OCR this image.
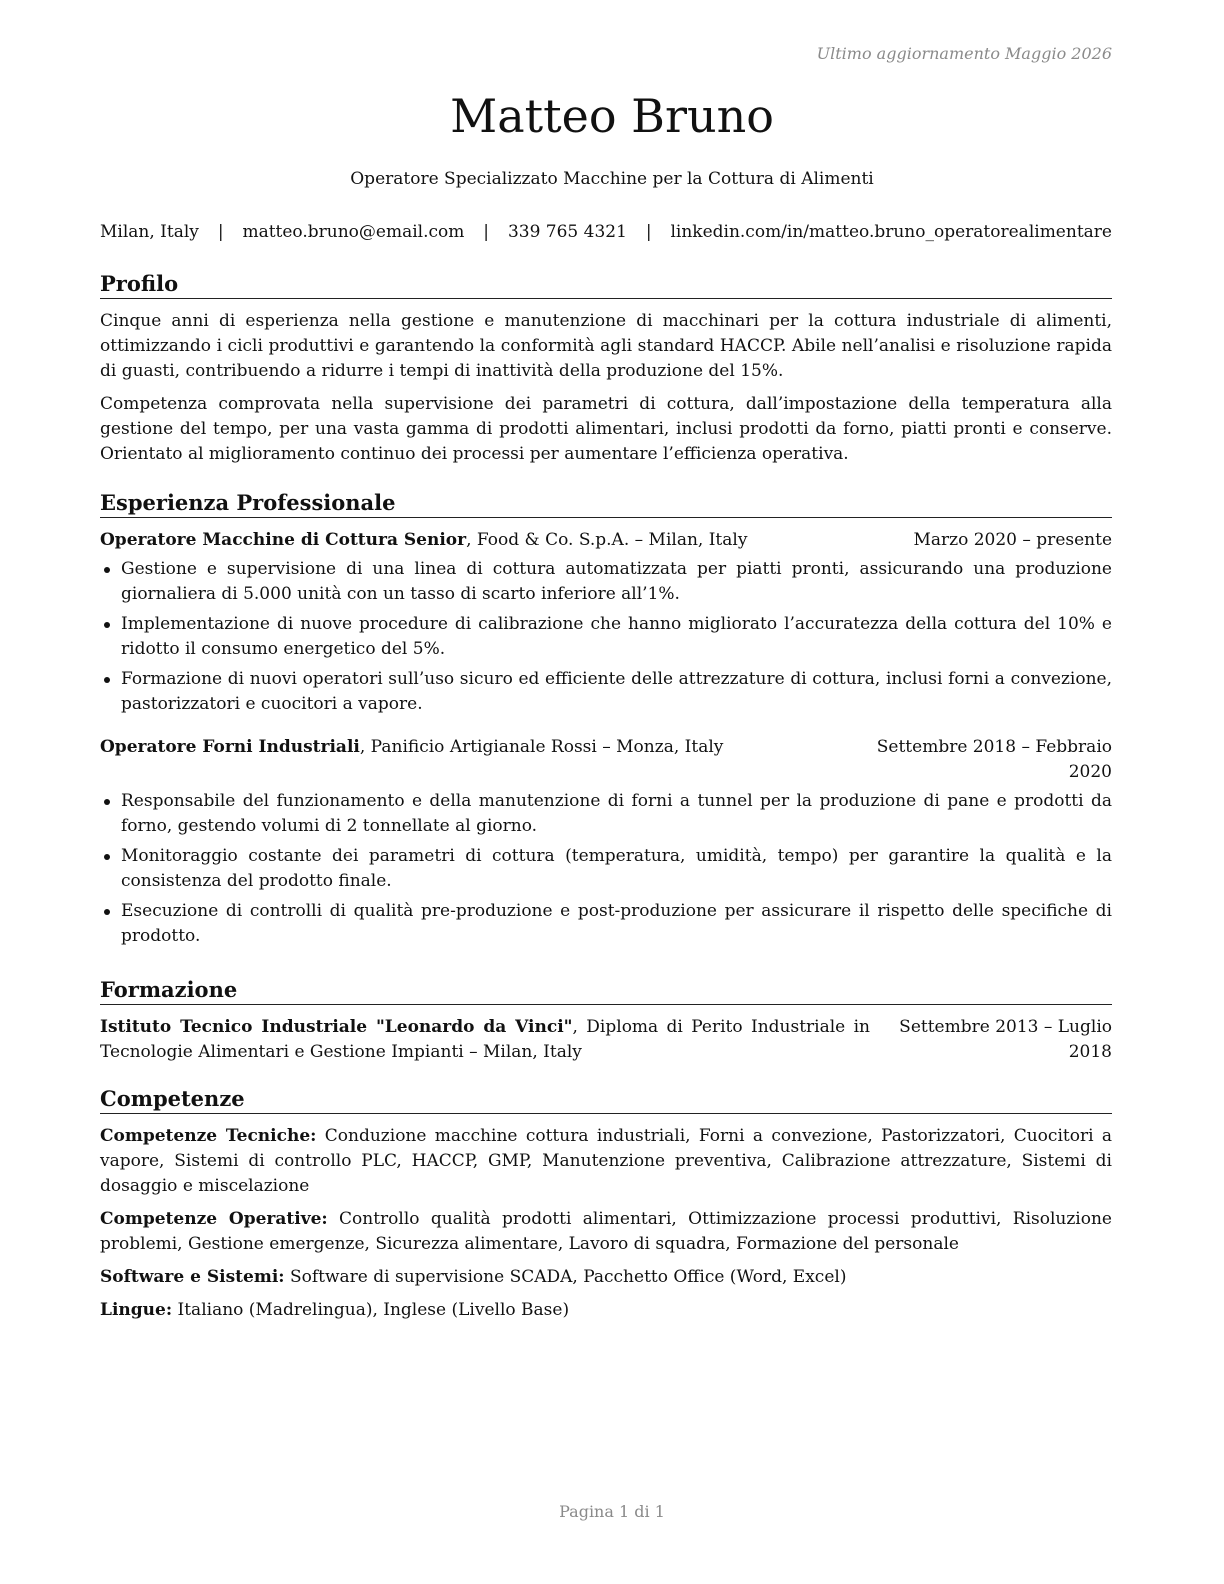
Ultimo aggiornamento Maggio 2026
Matteo Bruno
Operatore Specializzato Macchine per la Cottura di Alimenti
Milan, Italy | matteo.bruno@email.com | 339 765 4321 | linkedin.com/in/matteo.bruno_operatorealimentare
Profilo

Cinque anni di esperienza nella gestione e manutenzione di macchinari per la cottura industriale di alimenti, ottimizzando i cicli produttivi e garantendo la conformità agli standard HACCP. Abile nell’analisi e risoluzione rapida di guasti, contribuendo a ridurre i tempi di inattività della produzione del 15%.

Competenza comprovata nella supervisione dei parametri di cottura, dall’impostazione della temperatura alla gestione del tempo, per una vasta gamma di prodotti alimentari, inclusi prodotti da forno, piatti pronti e conserve. Orientato al miglioramento continuo dei processi per aumentare l’efficienza operativa.

Esperienza Professionale
Operatore Macchine di Cottura Senior, Food & Co. S.p.A. – Milan, Italy	Marzo 2020 – presente
Gestione e supervisione di una linea di cottura automatizzata per piatti pronti, assicurando una produzione giornaliera di 5.000 unità con un tasso di scarto inferiore all’1%.
Implementazione di nuove procedure di calibrazione che hanno migliorato l’accuratezza della cottura del 10% e ridotto il consumo energetico del 5%.
Formazione di nuovi operatori sull’uso sicuro ed efficiente delle attrezzature di cottura, inclusi forni a convezione, pastorizzatori e cuocitori a vapore.
Operatore Forni Industriali, Panificio Artigianale Rossi – Monza, Italy	Settembre 2018 – Febbraio 2020
Responsabile del funzionamento e della manutenzione di forni a tunnel per la produzione di pane e prodotti da forno, gestendo volumi di 2 tonnellate al giorno.
Monitoraggio costante dei parametri di cottura (temperatura, umidità, tempo) per garantire la qualità e la consistenza del prodotto finale.
Esecuzione di controlli di qualità pre-produzione e post-produzione per assicurare il rispetto delle specifiche di prodotto.
Formazione
Istituto Tecnico Industriale "Leonardo da Vinci", Diploma di Perito Industriale in Tecnologie Alimentari e Gestione Impianti – Milan, Italy
Settembre 2013 – Luglio 2018
Competenze
Competenze Tecniche: Conduzione macchine cottura industriali, Forni a convezione, Pastorizzatori, Cuocitori a vapore, Sistemi di controllo PLC, HACCP, GMP, Manutenzione preventiva, Calibrazione attrezzature, Sistemi di dosaggio e miscelazione
Competenze Operative: Controllo qualità prodotti alimentari, Ottimizzazione processi produttivi, Risoluzione problemi, Gestione emergenze, Sicurezza alimentare, Lavoro di squadra, Formazione del personale
Software e Sistemi: Software di supervisione SCADA, Pacchetto Office (Word, Excel)
Lingue: Italiano (Madrelingua), Inglese (Livello Base)
Pagina 1 di 1
